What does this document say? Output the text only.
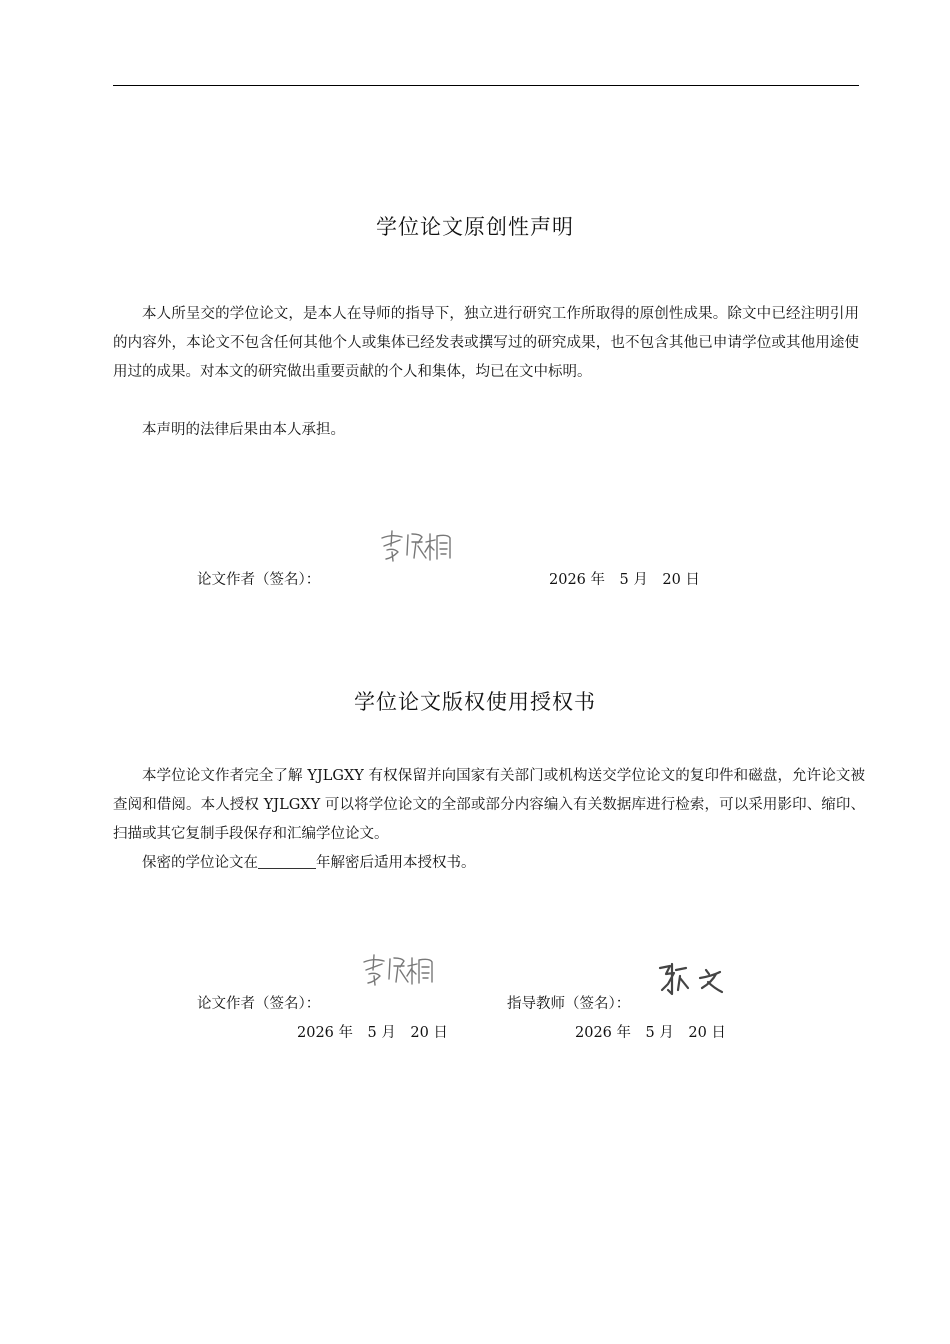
学位论文原创性声明

本人所呈交的学位论文，是本人在导师的指导下，独立进行研究工作所取得的原创性成果。除文中已经注明引用的内容外，本论文不包含任何其他个人或集体已经发表或撰写过的研究成果，也不包含其他已申请学位或其他用途使用过的成果。对本文的研究做出重要贡献的个人和集体，均已在文中标明。

本声明的法律后果由本人承担。

论文作者（签名）：	2026 年　5 月　20 日
学位论文版权使用授权书

本学位论文作者完全了解 YJLGXY 有权保留并向国家有关部门或机构送交学位论文的复印件和磁盘，允许论文被查阅和借阅。本人授权 YJLGXY 可以将学位论文的全部或部分内容编入有关数据库进行检索，可以采用影印、缩印、扫描或其它复制手段保存和汇编学位论文。

保密的学位论文在	年解密后适用本授权书。

论文作者（签名）：
2026 年　5 月　20 日
指导教师（签名）：
2026 年　5 月　20 日
